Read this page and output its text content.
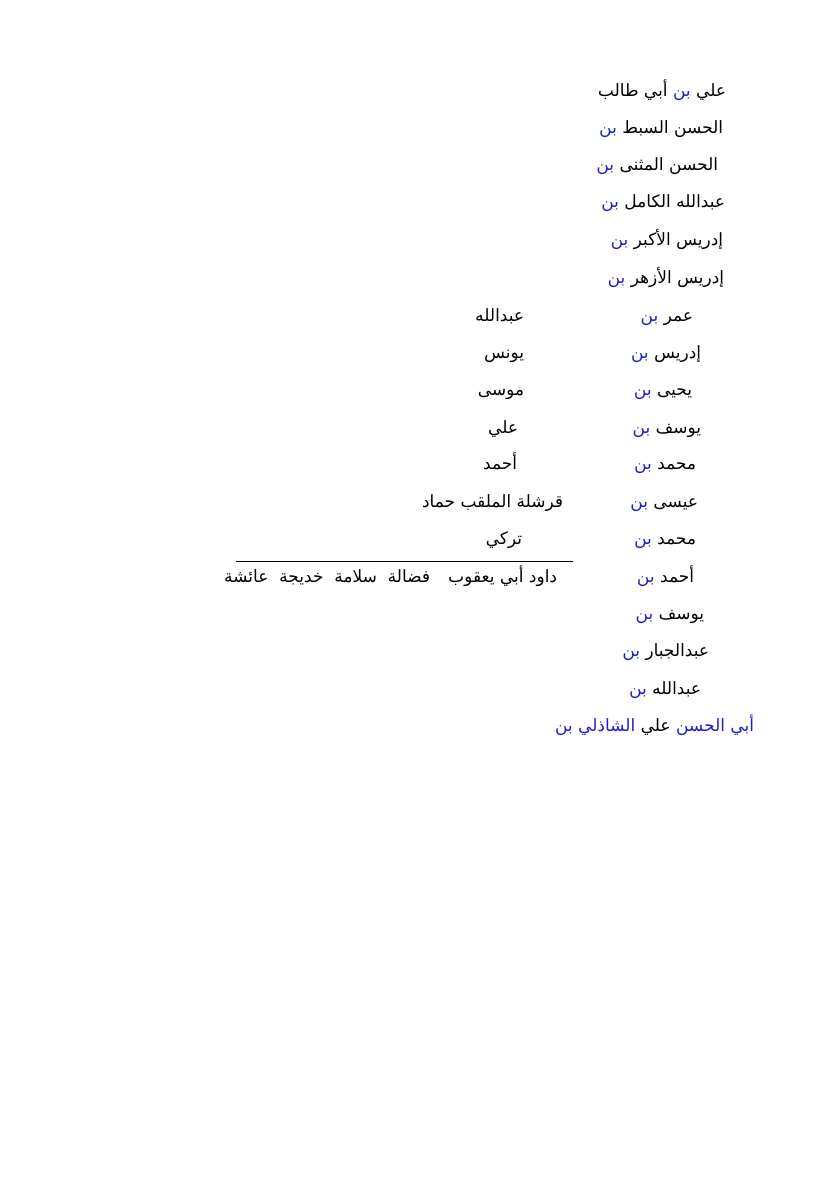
علي بن أبي طالب
الحسن السبط بن
الحسن المثنى بن
عبدالله الكامل بن
إدريس الأكبر بن
إدريس الأزهر بن
عمر بن
عبدالله
إدريس بن
يونس
يحيى بن
موسى
يوسف بن
علي
محمد بن
أحمد
عيسى بن
قرشلة الملقب حماد
محمد بن
تركي
أحمد بن
داود أبي يعقوب
فضالة  سلامة  خديجة  عائشة
يوسف بن
عبدالجبار بن
عبدالله بن
أبي الحسن علي الشاذلي بن
